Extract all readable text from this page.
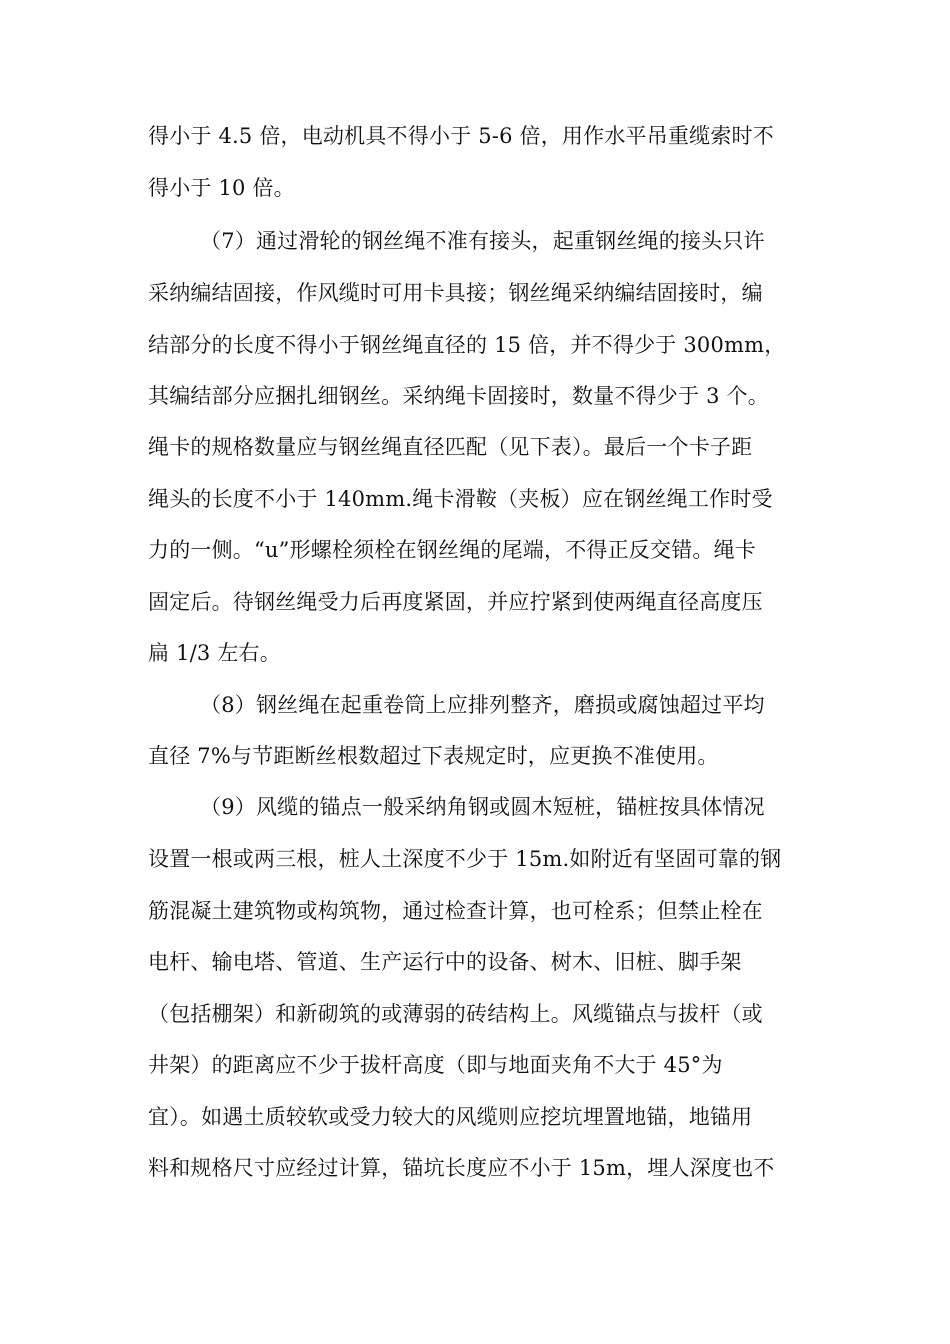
得小于 4.5 倍，电动机具不得小于 5-6 倍，用作水平吊重缆索时不
得小于 10 倍。
（7）通过滑轮的钢丝绳不准有接头，起重钢丝绳的接头只许
采纳编结固接，作风缆时可用卡具接；钢丝绳采纳编结固接时，编
结部分的长度不得小于钢丝绳直径的 15 倍，并不得少于 300mm，
其编结部分应捆扎细钢丝。采纳绳卡固接时，数量不得少于 3 个。
绳卡的规格数量应与钢丝绳直径匹配（见下表）。最后一个卡子距
绳头的长度不小于 140mm.绳卡滑鞍（夹板）应在钢丝绳工作时受
力的一侧。“u”形螺栓须栓在钢丝绳的尾端，不得正反交错。绳卡
固定后。待钢丝绳受力后再度紧固，并应拧紧到使两绳直径高度压
扁 1/3 左右。
（8）钢丝绳在起重卷筒上应排列整齐，磨损或腐蚀超过平均
直径 7%与节距断丝根数超过下表规定时，应更换不准使用。
（9）风缆的锚点一般采纳角钢或圆木短桩，锚桩按具体情况
设置一根或两三根，桩人土深度不少于 15m.如附近有坚固可靠的钢
筋混凝土建筑物或构筑物，通过检查计算，也可栓系；但禁止栓在
电杆、输电塔、管道、生产运行中的设备、树木、旧桩、脚手架
（包括棚架）和新砌筑的或薄弱的砖结构上。风缆锚点与拔杆（或
井架）的距离应不少于拔杆高度（即与地面夹角不大于 45°为
宜）。如遇土质较软或受力较大的风缆则应挖坑埋置地锚，地锚用
料和规格尺寸应经过计算，锚坑长度应不小于 15m，埋人深度也不
